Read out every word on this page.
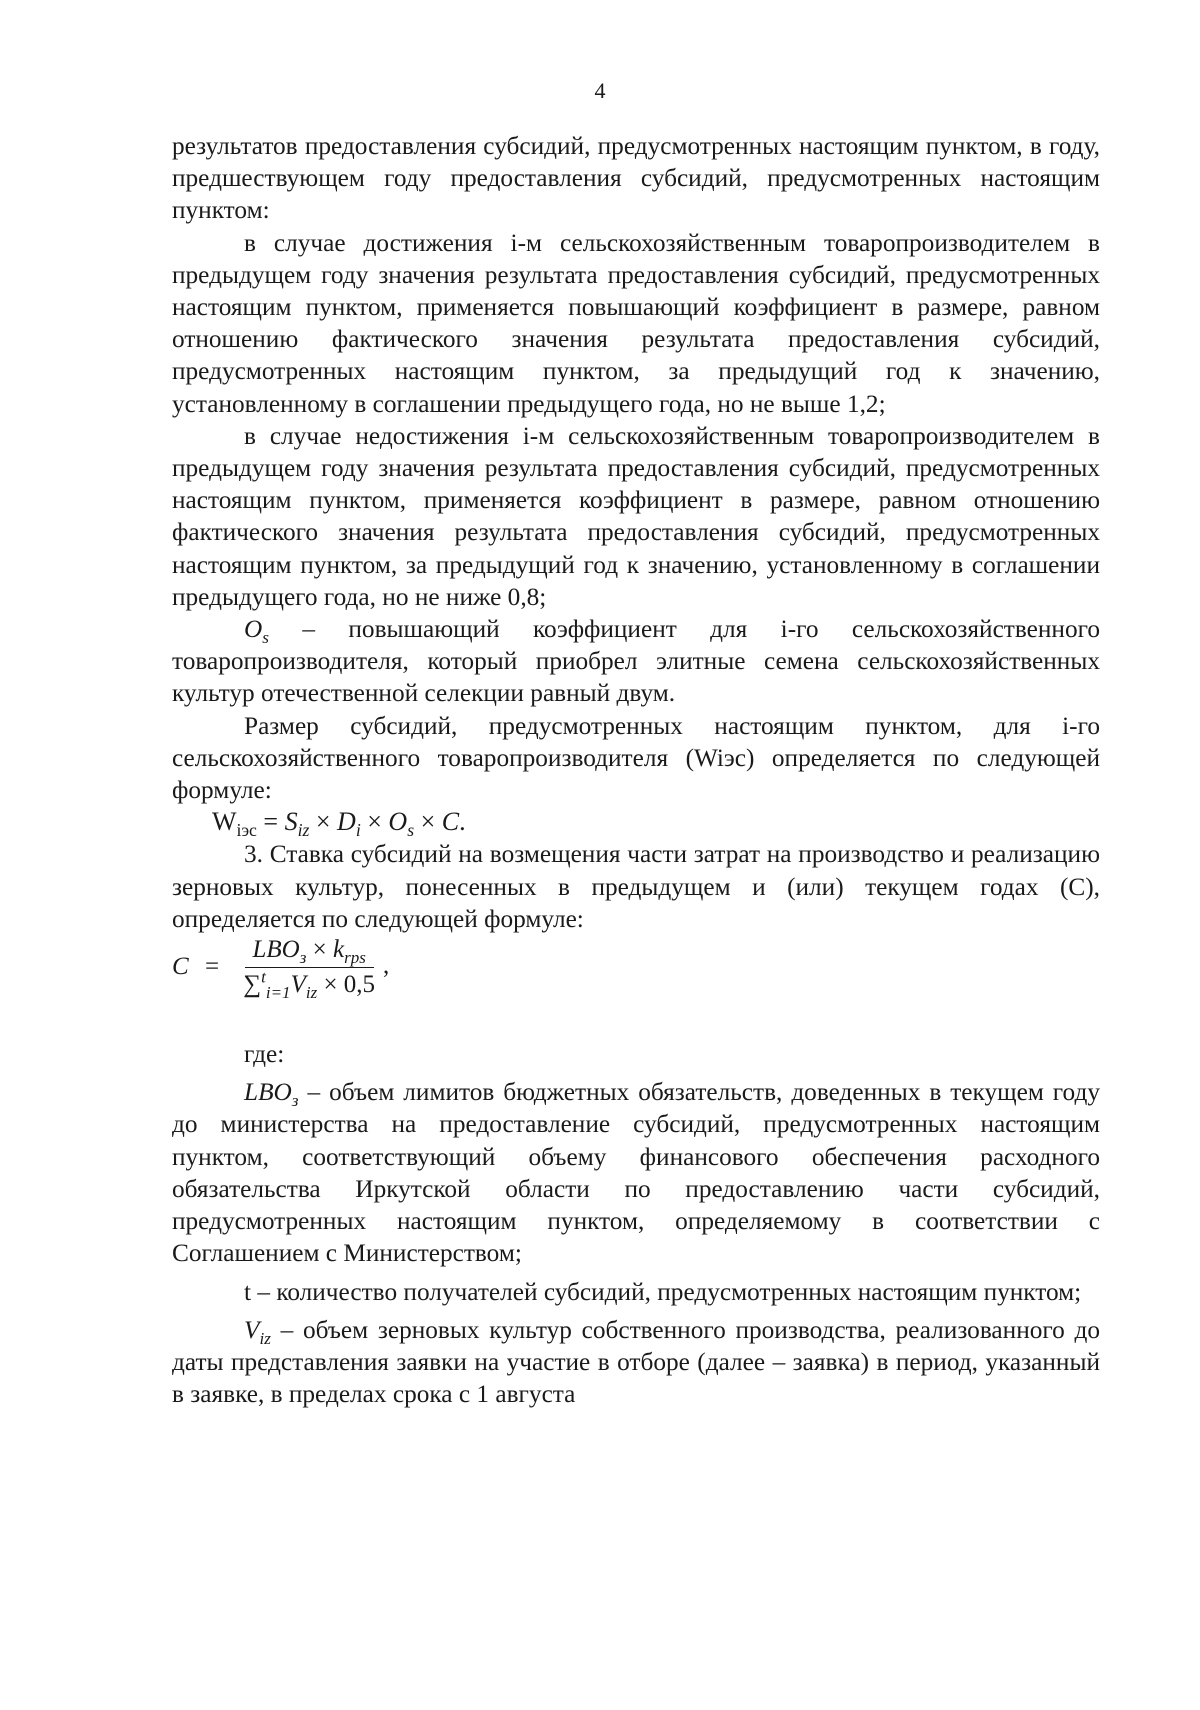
4

результатов предоставления субсидий, предусмотренных настоящим пунктом, в году, предшествующем году предоставления субсидий, предусмотренных настоящим пунктом:

в случае достижения i-м сельскохозяйственным товаропроизводителем в предыдущем году значения результата предоставления субсидий, предусмотренных настоящим пунктом, применяется повышающий коэффициент в размере, равном отношению фактического значения результата предоставления субсидий, предусмотренных настоящим пунктом, за предыдущий год к значению, установленному в соглашении предыдущего года, но не выше 1,2;

в случае недостижения i-м сельскохозяйственным товаропроизводителем в предыдущем году значения результата предоставления субсидий, предусмотренных настоящим пунктом, применяется коэффициент в размере, равном отношению фактического значения результата предоставления субсидий, предусмотренных настоящим пунктом, за предыдущий год к значению, установленному в соглашении предыдущего года, но не ниже 0,8;

$O_s$ – повышающий коэффициент для i-го сельскохозяйственного товаропроизводителя, который приобрел элитные семена сельскохозяйственных культур отечественной селекции равный двум.

Размер субсидий, предусмотренных настоящим пунктом, для i-го сельскохозяйственного товаропроизводителя (Wiэс) определяется по следующей формуле:

$W_{iэс} = S_{iz} \times D_i \times O_s \times C$.

3. Ставка субсидий на возмещения части затрат на производство и реализацию зерновых культур, понесенных в предыдущем и (или) текущем годах (C), определяется по следующей формуле:

$C = \frac{LBO_з \times k_{rps}}{\sum^t_{i=1}V_{iz} \times 0,5}$ ,

где:

$LBO_з$ – объем лимитов бюджетных обязательств, доведенных в текущем году до министерства на предоставление субсидий, предусмотренных настоящим пунктом, соответствующий объему финансового обеспечения расходного обязательства Иркутской области по предоставлению части субсидий, предусмотренных настоящим пунктом, определяемому в соответствии с Соглашением с Министерством;

t – количество получателей субсидий, предусмотренных настоящим пунктом;

$V_{iz}$ – объем зерновых культур собственного производства, реализованного до даты представления заявки на участие в отборе (далее – заявка) в период, указанный в заявке, в пределах срока с 1 августа
